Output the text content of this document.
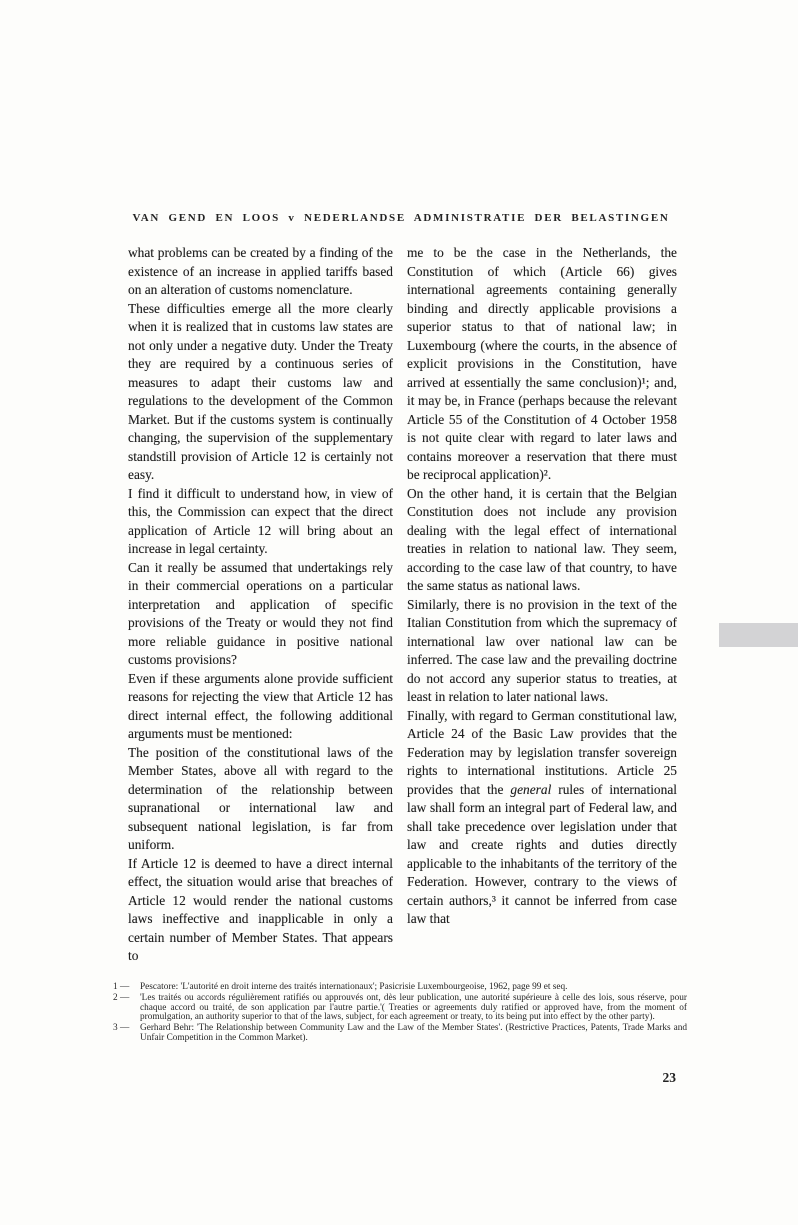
VAN GEND EN LOOS v NEDERLANDSE ADMINISTRATIE DER BELASTINGEN

what problems can be created by a finding of the existence of an increase in applied tariffs based on an alteration of customs nomenclature.

These difficulties emerge all the more clearly when it is realized that in customs law states are not only under a negative duty. Under the Treaty they are required by a continuous series of measures to adapt their customs law and regulations to the development of the Common Market. But if the customs system is continually changing, the supervision of the supplementary standstill provision of Article 12 is certainly not easy.

I find it difficult to understand how, in view of this, the Commission can expect that the direct application of Article 12 will bring about an increase in legal certainty.

Can it really be assumed that undertakings rely in their commercial operations on a particular interpretation and application of specific provisions of the Treaty or would they not find more reliable guidance in positive national customs provisions?

Even if these arguments alone provide sufficient reasons for rejecting the view that Article 12 has direct internal effect, the following additional arguments must be mentioned:

The position of the constitutional laws of the Member States, above all with regard to the determination of the relationship between supranational or international law and subsequent national legislation, is far from uniform.

If Article 12 is deemed to have a direct internal effect, the situation would arise that breaches of Article 12 would render the national customs laws ineffective and inapplicable in only a certain number of Member States. That appears to

me to be the case in the Netherlands, the Constitution of which (Article 66) gives international agreements containing generally binding and directly applicable provisions a superior status to that of national law; in Luxembourg (where the courts, in the absence of explicit provisions in the Constitution, have arrived at essentially the same conclusion)¹; and, it may be, in France (perhaps because the relevant Article 55 of the Constitution of 4 October 1958 is not quite clear with regard to later laws and contains moreover a reservation that there must be reciprocal application)².

On the other hand, it is certain that the Belgian Constitution does not include any provision dealing with the legal effect of international treaties in relation to national law. They seem, according to the case law of that country, to have the same status as national laws.

Similarly, there is no provision in the text of the Italian Constitution from which the supremacy of international law over national law can be inferred. The case law and the prevailing doctrine do not accord any superior status to treaties, at least in relation to later national laws.

Finally, with regard to German constitutional law, Article 24 of the Basic Law provides that the Federation may by legislation transfer sovereign rights to international institutions. Article 25 provides that the general rules of international law shall form an integral part of Federal law, and shall take precedence over legislation under that law and create rights and duties directly applicable to the inhabitants of the territory of the Federation. However, contrary to the views of certain authors,³ it cannot be inferred from case law that

1 — Pescatore: 'L'autorité en droit interne des traités internationaux'; Pasicrisie Luxembourgeoise, 1962, page 99 et seq.
2 — 'Les traités ou accords régulièrement ratifiés ou approuvés ont, dès leur publication, une autorité supérieure à celle des lois, sous réserve, pour chaque accord ou traité, de son application par l'autre partie.'( Treaties or agreements duly ratified or approved have, from the moment of promulgation, an authority superior to that of the laws, subject, for each agreement or treaty, to its being put into effect by the other party).
3 — Gerhard Behr: 'The Relationship between Community Law and the Law of the Member States'. (Restrictive Practices, Patents, Trade Marks and Unfair Competition in the Common Market).
23
